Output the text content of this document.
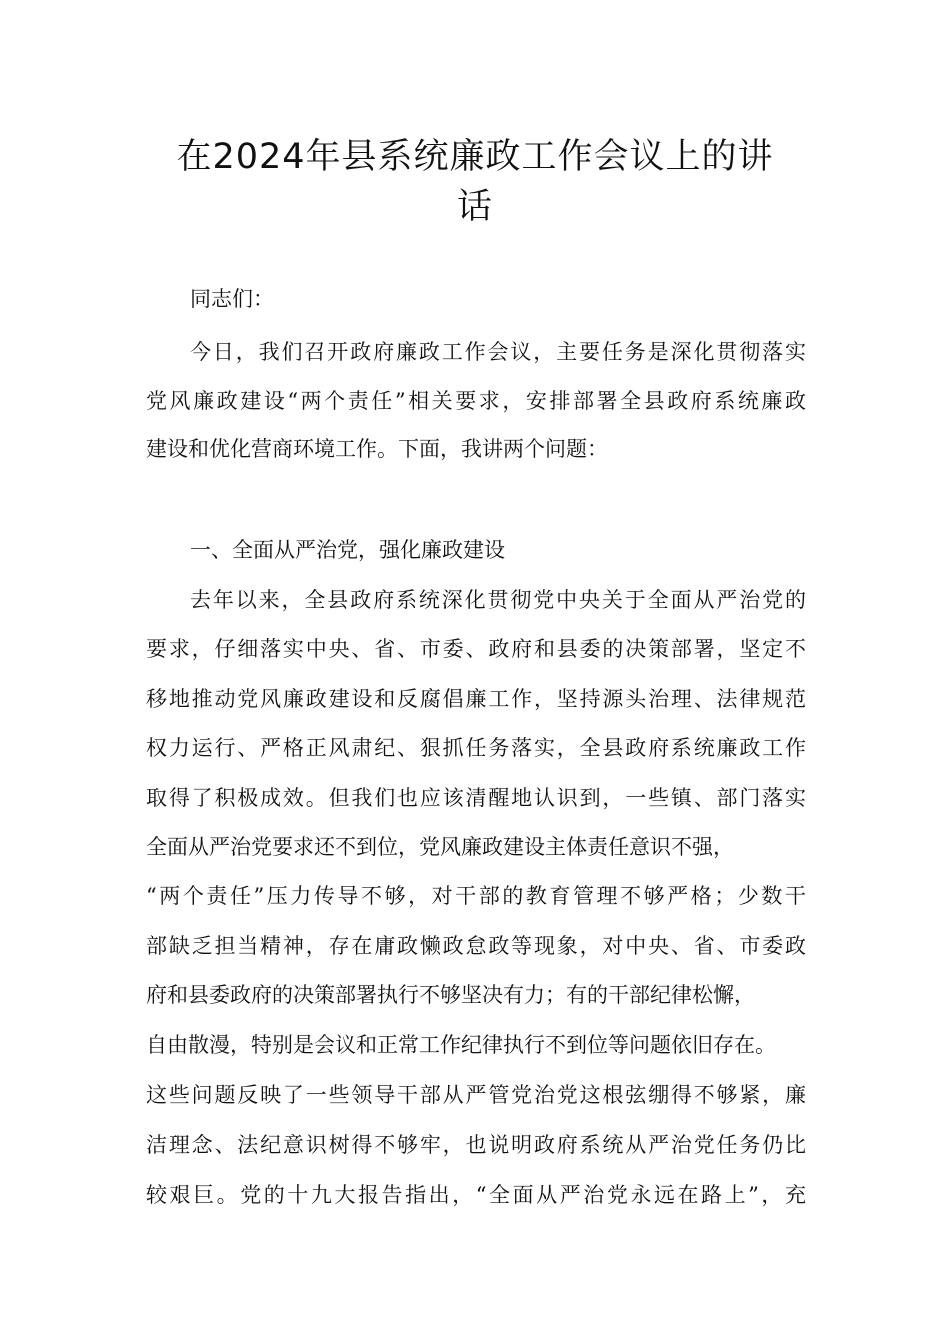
在2024年县系统廉政工作会议上的讲
话

同志们：

今日，我们召开政府廉政工作会议，主要任务是深化贯彻落实

党风廉政建设“两个责任”相关要求，安排部署全县政府系统廉政

建设和优化营商环境工作。下面，我讲两个问题：

一、全面从严治党，强化廉政建设

去年以来，全县政府系统深化贯彻党中央关于全面从严治党的

要求，仔细落实中央、省、市委、政府和县委的决策部署，坚定不

移地推动党风廉政建设和反腐倡廉工作，坚持源头治理、法律规范

权力运行、严格正风肃纪、狠抓任务落实，全县政府系统廉政工作

取得了积极成效。但我们也应该清醒地认识到，一些镇、部门落实

全面从严治党要求还不到位，党风廉政建设主体责任意识不强，

“两个责任”压力传导不够，对干部的教育管理不够严格；少数干

部缺乏担当精神，存在庸政懒政怠政等现象，对中央、省、市委政

府和县委政府的决策部署执行不够坚决有力；有的干部纪律松懈，

自由散漫，特别是会议和正常工作纪律执行不到位等问题依旧存在。

这些问题反映了一些领导干部从严管党治党这根弦绷得不够紧，廉

洁理念、法纪意识树得不够牢，也说明政府系统从严治党任务仍比

较艰巨。党的十九大报告指出，“全面从严治党永远在路上”，充
